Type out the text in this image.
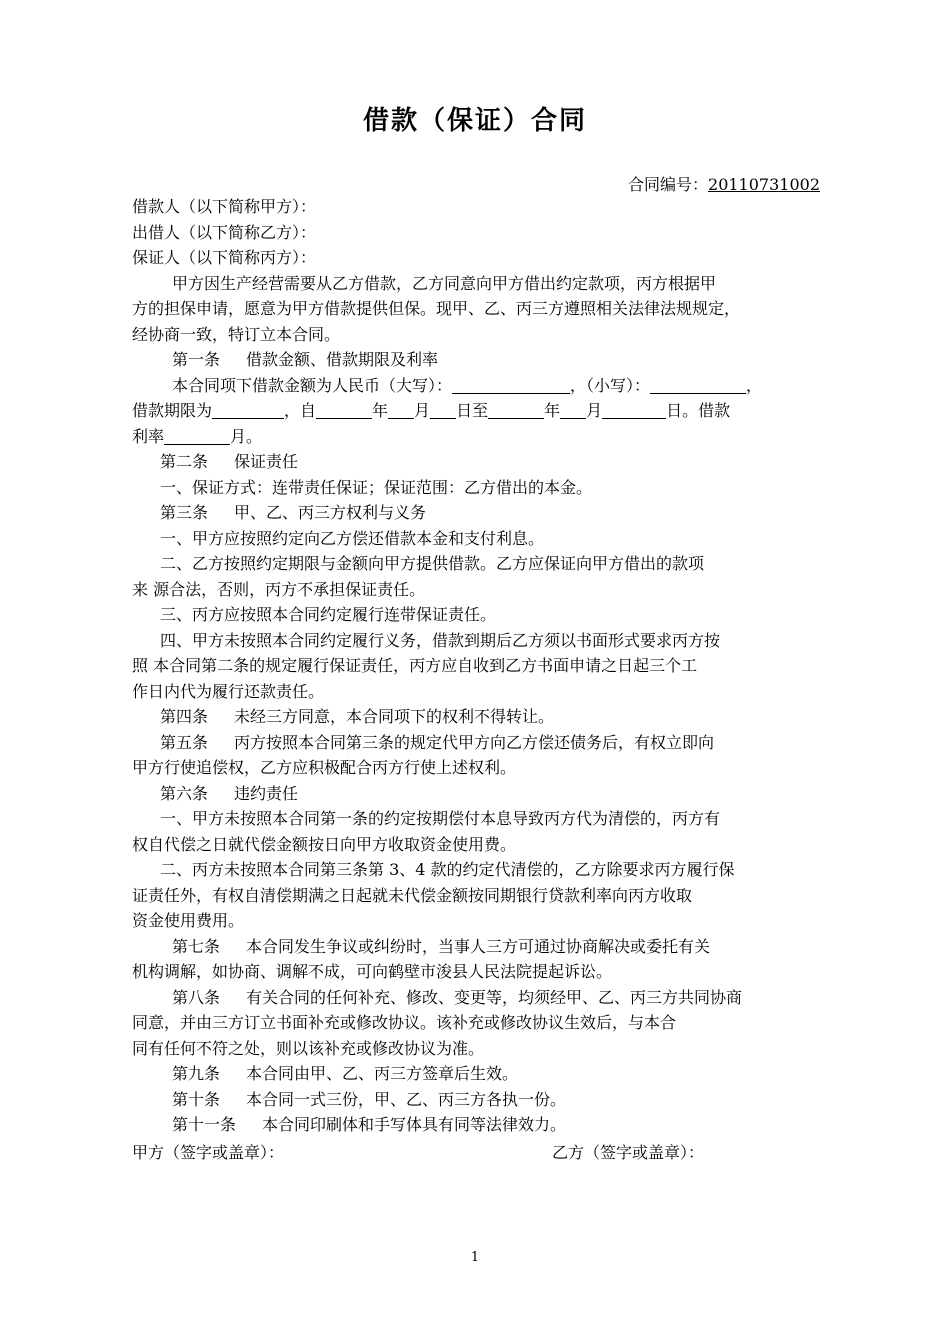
借款（保证）合同
合同编号：20110731002
借款人（以下简称甲方）：
出借人（以下简称乙方）：
保证人（以下简称丙方）：
甲方因生产经营需要从乙方借款，乙方同意向甲方借出约定款项，丙方根据甲
方的担保申请，愿意为甲方借款提供但保。现甲、乙、丙三方遵照相关法律法规规定，
经协商一致，特订立本合同。
第一条 借款金额、借款期限及利率
本合同项下借款金额为人民币（大写）：	，（小写）：	，
借款期限为	，自	年 月 日至	年 月	日。借款
利率	月。
第二条 保证责任
一、保证方式：连带责任保证；保证范围：乙方借出的本金。
第三条 甲、乙、丙三方权利与义务
一、甲方应按照约定向乙方偿还借款本金和支付利息。
二、乙方按照约定期限与金额向甲方提供借款。乙方应保证向甲方借出的款项
来 源合法，否则，丙方不承担保证责任。
三、丙方应按照本合同约定履行连带保证责任。
四、甲方未按照本合同约定履行义务，借款到期后乙方须以书面形式要求丙方按
照 本合同第二条的规定履行保证责任，丙方应自收到乙方书面申请之日起三个工
作日内代为履行还款责任。
第四条 未经三方同意，本合同项下的权利不得转让。
第五条 丙方按照本合同第三条的规定代甲方向乙方偿还债务后，有权立即向
甲方行使追偿权，乙方应积极配合丙方行使上述权利。
第六条 违约责任
一、甲方未按照本合同第一条的约定按期偿付本息导致丙方代为清偿的，丙方有
权自代偿之日就代偿金额按日向甲方收取资金使用费。
二、丙方未按照本合同第三条第 3、4 款的约定代清偿的，乙方除要求丙方履行保
证责任外，有权自清偿期满之日起就未代偿金额按同期银行贷款利率向丙方收取
资金使用费用。
第七条 本合同发生争议或纠纷时，当事人三方可通过协商解决或委托有关
机构调解，如协商、调解不成，可向鹤壁市浚县人民法院提起诉讼。
第八条 有关合同的任何补充、修改、变更等，均须经甲、乙、丙三方共同协商
同意，并由三方订立书面补充或修改协议。该补充或修改协议生效后，与本合
同有任何不符之处，则以该补充或修改协议为准。
第九条 本合同由甲、乙、丙三方签章后生效。
第十条 本合同一式三份，甲、乙、丙三方各执一份。
第十一条 本合同印刷体和手写体具有同等法律效力。
甲方（签字或盖章）：	乙方（签字或盖章）：
1
